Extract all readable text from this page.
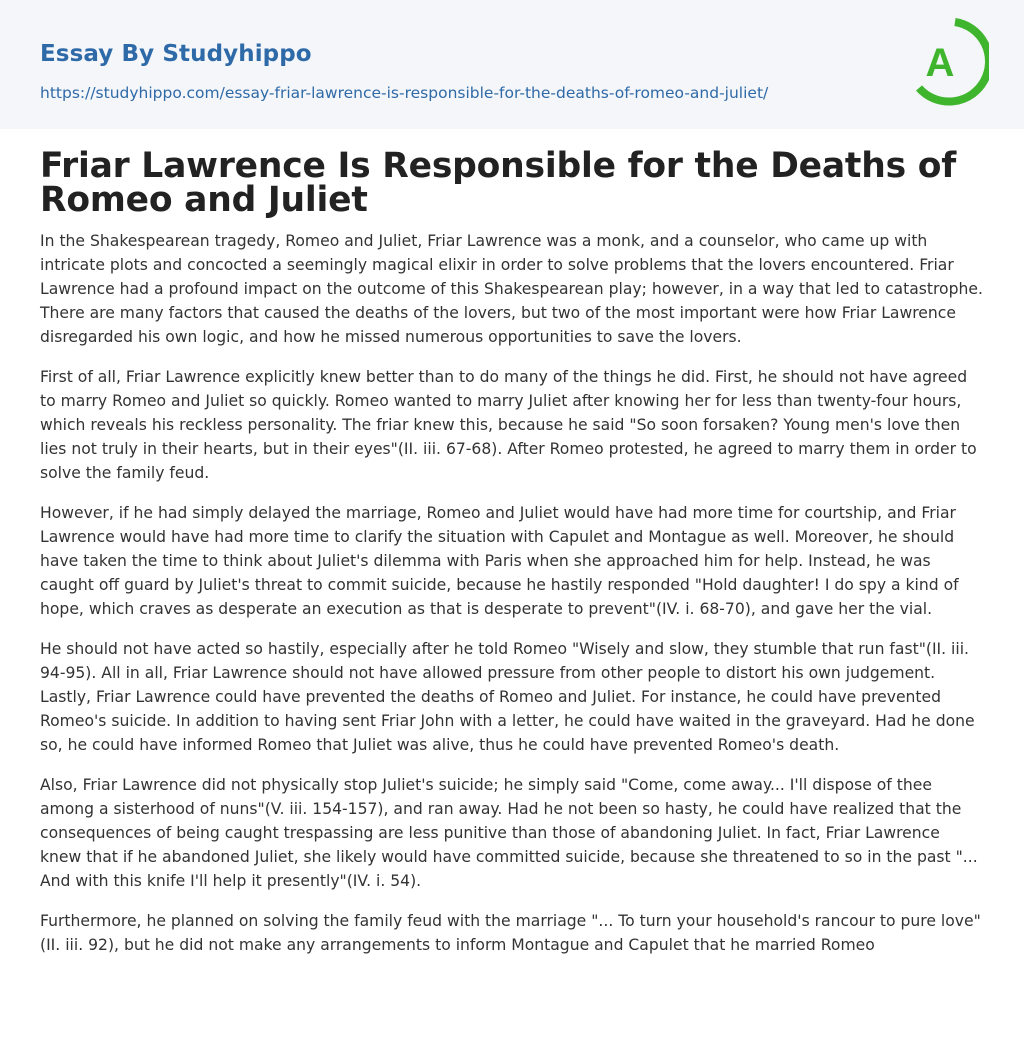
Essay By Studyhippo
https://studyhippo.com/essay-friar-lawrence-is-responsible-for-the-deaths-of-romeo-and-juliet/
A
Friar Lawrence Is Responsible for the Deaths of Romeo and Juliet

In the Shakespearean tragedy, Romeo and Juliet, Friar Lawrence was a monk, and a counselor, who came up with intricate plots and concocted a seemingly magical elixir in order to solve problems that the lovers encountered. Friar Lawrence had a profound impact on the outcome of this Shakespearean play; however, in a way that led to catastrophe. There are many factors that caused the deaths of the lovers, but two of the most important were how Friar Lawrence disregarded his own logic, and how he missed numerous opportunities to save the lovers.

First of all, Friar Lawrence explicitly knew better than to do many of the things he did. First, he should not have agreed to marry Romeo and Juliet so quickly. Romeo wanted to marry Juliet after knowing her for less than twenty-four hours, which reveals his reckless personality. The friar knew this, because he said "So soon forsaken? Young men's love then lies not truly in their hearts, but in their eyes"(II. iii. 67-68). After Romeo protested, he agreed to marry them in order to solve the family feud.

However, if he had simply delayed the marriage, Romeo and Juliet would have had more time for courtship, and Friar Lawrence would have had more time to clarify the situation with Capulet and Montague as well. Moreover, he should have taken the time to think about Juliet's dilemma with Paris when she approached him for help. Instead, he was caught off guard by Juliet's threat to commit suicide, because he hastily responded "Hold daughter! I do spy a kind of hope, which craves as desperate an execution as that is desperate to prevent"(IV. i. 68-70), and gave her the vial.

He should not have acted so hastily, especially after he told Romeo "Wisely and slow, they stumble that run fast"(II. iii. 94-95). All in all, Friar Lawrence should not have allowed pressure from other people to distort his own judgement. Lastly, Friar Lawrence could have prevented the deaths of Romeo and Juliet. For instance, he could have prevented Romeo's suicide. In addition to having sent Friar John with a letter, he could have waited in the graveyard. Had he done so, he could have informed Romeo that Juliet was alive, thus he could have prevented Romeo's death.

Also, Friar Lawrence did not physically stop Juliet's suicide; he simply said "Come, come away... I'll dispose of thee among a sisterhood of nuns"(V. iii. 154-157), and ran away. Had he not been so hasty, he could have realized that the consequences of being caught trespassing are less punitive than those of abandoning Juliet. In fact, Friar Lawrence knew that if he abandoned Juliet, she likely would have committed suicide, because she threatened to so in the past "... And with this knife I'll help it presently"(IV. i. 54).

Furthermore, he planned on solving the family feud with the marriage "... To turn your household's rancour to pure love"(II. iii. 92), but he did not make any arrangements to inform Montague and Capulet that he married Romeo
